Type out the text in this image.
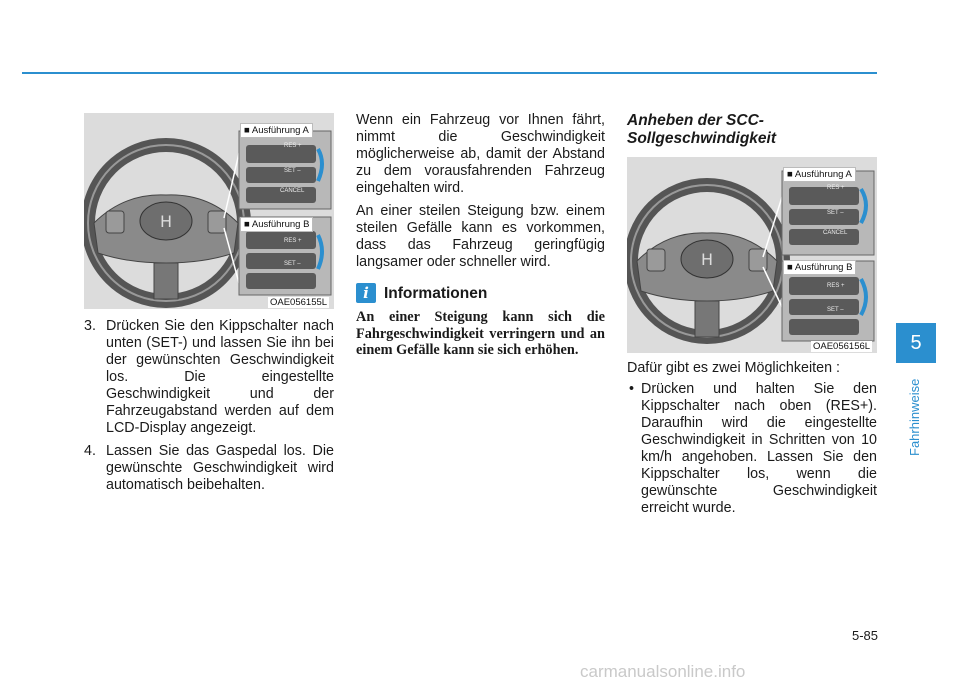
H
RES +
SET –
CANCEL
RES +
SET –
■ Ausführung A
■ Ausführung B
OAE056155L
3. Drücken Sie den Kippschalter nach unten (SET-) und lassen Sie ihn bei der gewünschten Geschwindigkeit los. Die eingestellte Geschwindigkeit und der Fahrzeugabstand werden auf dem LCD-Display angezeigt.
4. Lassen Sie das Gaspedal los. Die gewünschte Geschwindigkeit wird automatisch beibehalten.

Wenn ein Fahrzeug vor Ihnen fährt, nimmt die Geschwindigkeit möglicherweise ab, damit der Abstand zu dem vorausfahrenden Fahrzeug eingehalten wird.

An einer steilen Steigung bzw. einem steilen Gefälle kann es vorkommen, dass das Fahrzeug geringfügig langsamer oder schneller wird.

i Informationen
An einer Steigung kann sich die Fahrgeschwindigkeit verringern und an einem Gefälle kann sie sich erhöhen.
Anheben der SCC-Sollgeschwindigkeit
H
RES +
SET –
CANCEL
RES +
SET –
■ Ausführung A
■ Ausführung B
OAE056156L

Dafür gibt es zwei Möglichkeiten :

• Drücken und halten Sie den Kippschalter nach oben (RES+). Daraufhin wird die eingestellte Geschwindigkeit in Schritten von 10 km/h angehoben. Lassen Sie den Kippschalter los, wenn die gewünschte Geschwindigkeit erreicht wurde.
5
Fahrhinweise
5-85
carmanualsonline.info
